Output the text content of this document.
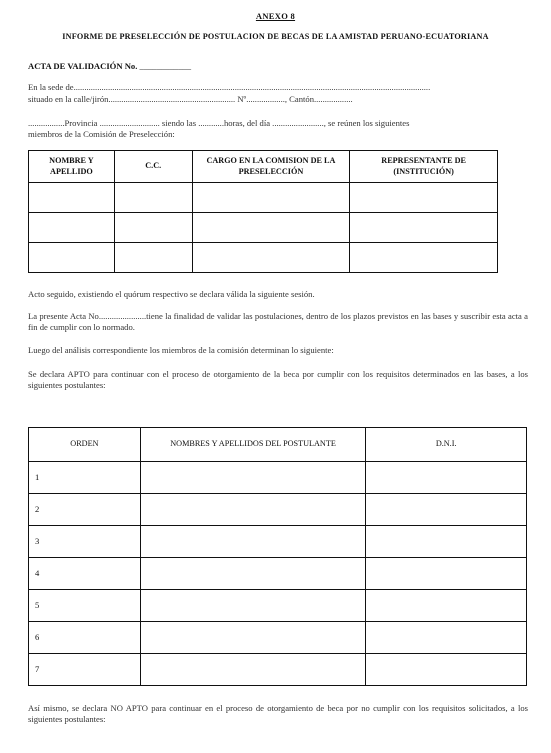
ANEXO 8
INFORME DE PRESELECCIÓN DE POSTULACION DE BECAS DE LA AMISTAD PERUANO-ECUATORIANA
ACTA DE VALIDACIÓN No. ____________
En la sede de......................................................................................................................................................................
situado en la calle/jirón........................................................... Nº.................., Cantón..................
.................Provincia ............................ siendo las ............horas, del día ........................, se reúnen los siguientes
miembros de la Comisión de Preselección:
NOMBRE Y APELLIDO	C.C.	CARGO EN LA COMISION DE LA PRESELECCIÓN	REPRESENTANTE DE (INSTITUCIÓN)

Acto seguido, existiendo el quórum respectivo se declara válida la siguiente sesión.
La presente Acta No......................tiene la finalidad de validar las postulaciones, dentro de los plazos previstos en las bases y suscribir esta acta a fin de cumplir con lo normado.
Luego del análisis correspondiente los miembros de la comisión determinan lo siguiente:
Se declara APTO para continuar con el proceso de otorgamiento de la beca por cumplir con los requisitos determinados en las bases, a los siguientes postulantes:
ORDEN	NOMBRES Y APELLIDOS DEL POSTULANTE	D.N.I.
1		
2		
3		
4		
5		
6		
7		
Así mismo, se declara NO APTO para continuar en el proceso de otorgamiento de beca por no cumplir con los requisitos solicitados, a los siguientes postulantes:
